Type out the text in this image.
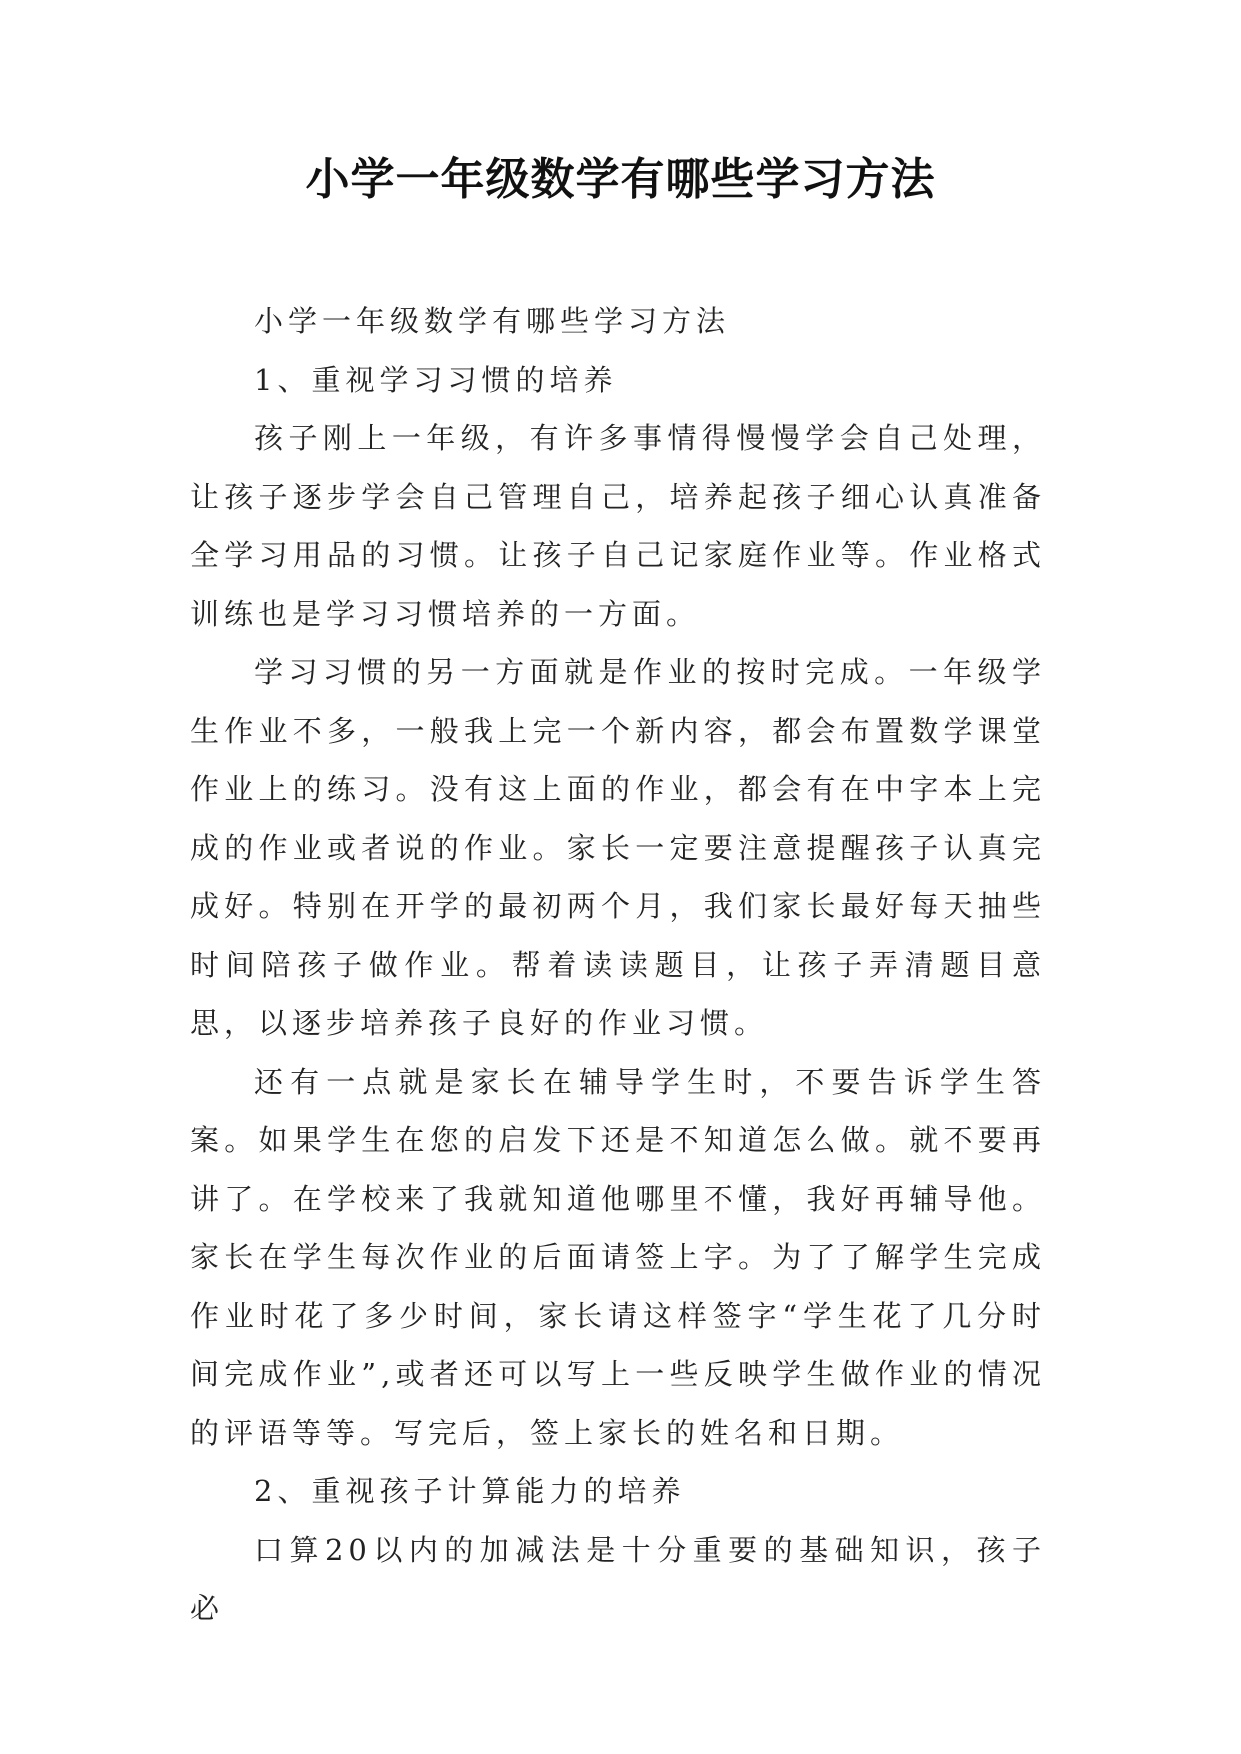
小学一年级数学有哪些学习方法

小学一年级数学有哪些学习方法

1、重视学习习惯的培养

孩子刚上一年级，有许多事情得慢慢学会自己处理，让孩子逐步学会自己管理自己，培养起孩子细心认真准备全学习用品的习惯。让孩子自己记家庭作业等。作业格式训练也是学习习惯培养的一方面。

学习习惯的另一方面就是作业的按时完成。一年级学生作业不多，一般我上完一个新内容，都会布置数学课堂作业上的练习。没有这上面的作业，都会有在中字本上完成的作业或者说的作业。家长一定要注意提醒孩子认真完成好。特别在开学的最初两个月，我们家长最好每天抽些时间陪孩子做作业。帮着读读题目，让孩子弄清题目意思，以逐步培养孩子良好的作业习惯。

还有一点就是家长在辅导学生时，不要告诉学生答案。如果学生在您的启发下还是不知道怎么做。就不要再讲了。在学校来了我就知道他哪里不懂，我好再辅导他。家长在学生每次作业的后面请签上字。为了了解学生完成作业时花了多少时间，家长请这样签字“学生花了几分时间完成作业”,或者还可以写上一些反映学生做作业的情况的评语等等。写完后，签上家长的姓名和日期。

2、重视孩子计算能力的培养

口算20以内的加减法是十分重要的基础知识，孩子必
